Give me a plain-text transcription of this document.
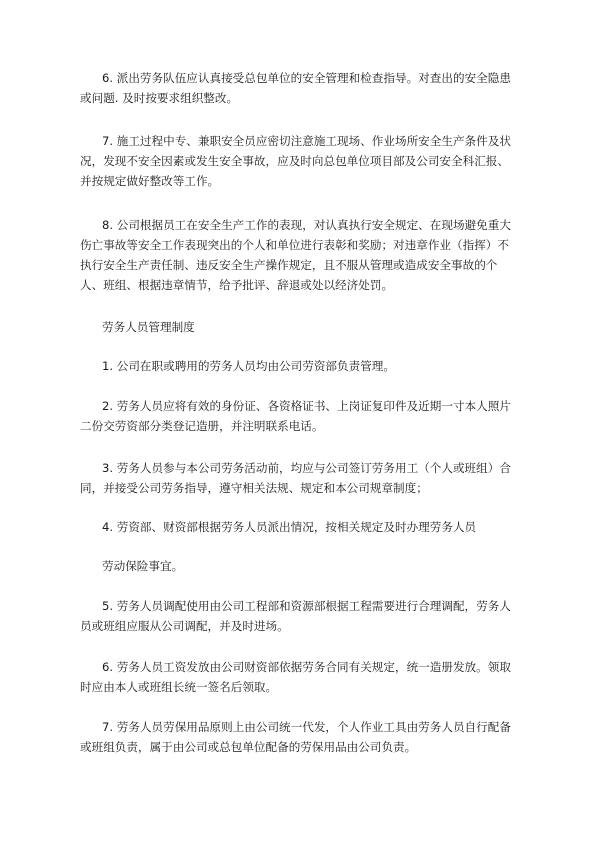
6. 派出劳务队伍应认真接受总包单位的安全管理和检查指导。对查出的安全隐患或问题. 及时按要求组织整改。

7. 施工过程中专、兼职安全员应密切注意施工现场、作业场所安全生产条件及状况，发现不安全因素或发生安全事故，应及时向总包单位项目部及公司安全科汇报、并按规定做好整改等工作。

8. 公司根据员工在安全生产工作的表现，对认真执行安全规定、在现场避免重大伤亡事故等安全工作表现突出的个人和单位进行表彰和奖励；对违章作业（指挥）不执行安全生产责任制、违反安全生产操作规定，且不服从管理或造成安全事故的个人、班组、根据违章情节，给予批评、辞退或处以经济处罚。

劳务人员管理制度

1. 公司在职或聘用的劳务人员均由公司劳资部负责管理。

2. 劳务人员应将有效的身份证、各资格证书、上岗证复印件及近期一寸本人照片二份交劳资部分类登记造册，并注明联系电话。

3. 劳务人员参与本公司劳务活动前，均应与公司签订劳务用工（个人或班组）合同，并接受公司劳务指导，遵守相关法规、规定和本公司规章制度；

4. 劳资部、财资部根据劳务人员派出情况，按相关规定及时办理劳务人员

劳动保险事宜。

5. 劳务人员调配使用由公司工程部和资源部根据工程需要进行合理调配，劳务人员或班组应服从公司调配，并及时进场。

6. 劳务人员工资发放由公司财资部依据劳务合同有关规定，统一造册发放。领取时应由本人或班组长统一签名后领取。

7. 劳务人员劳保用品原则上由公司统一代发，个人作业工具由劳务人员自行配备或班组负责，属于由公司或总包单位配备的劳保用品由公司负责。
